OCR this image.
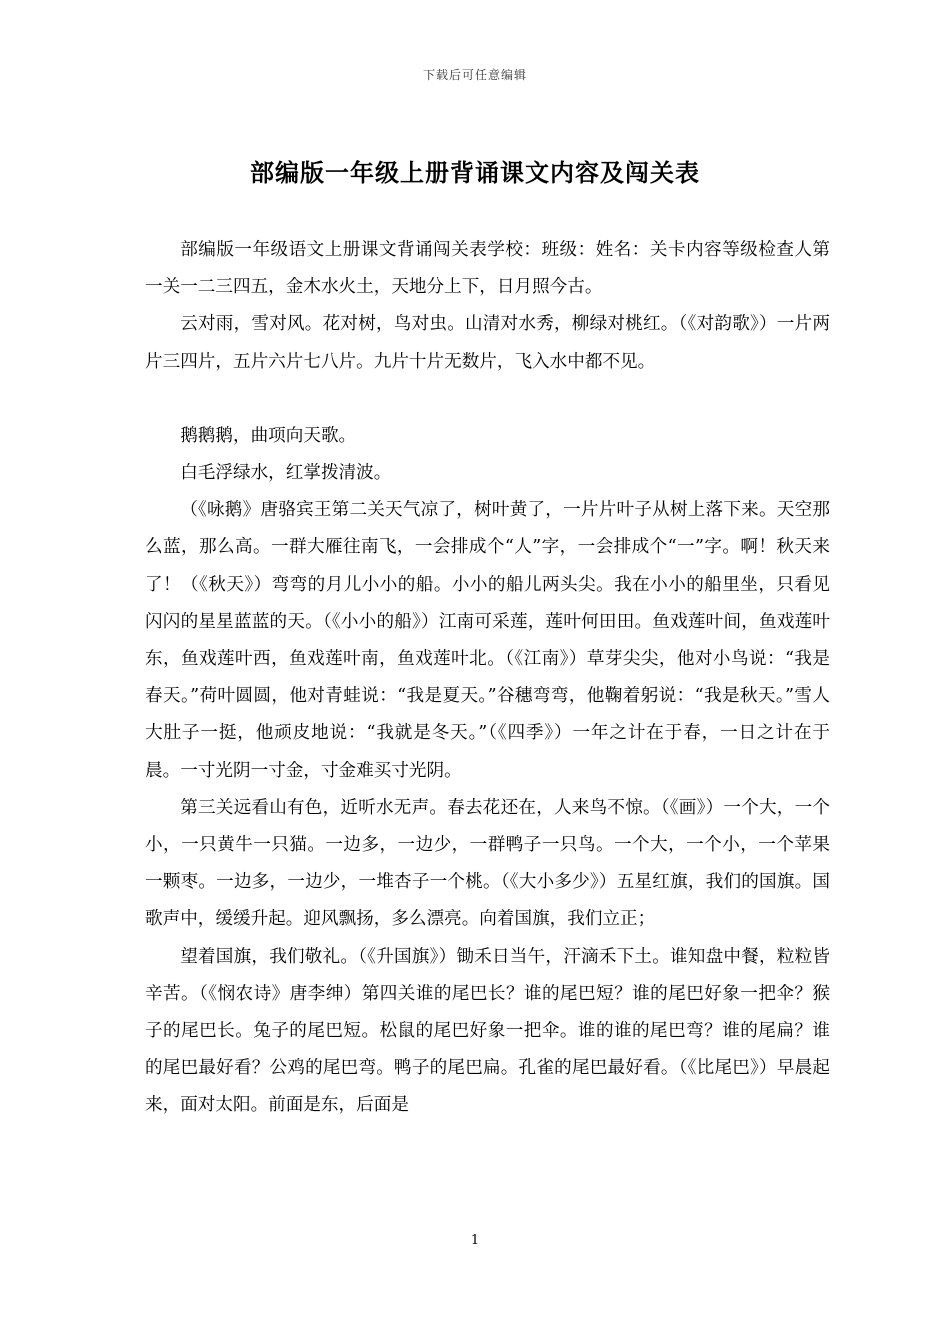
下载后可任意编辑
部编版一年级上册背诵课文内容及闯关表

部编版一年级语文上册课文背诵闯关表学校：班级：姓名：关卡内容等级检查人第一关一二三四五，金木水火土，天地分上下，日月照今古。

云对雨，雪对风。花对树，鸟对虫。山清对水秀，柳绿对桃红。（《对韵歌》）一片两片三四片，五片六片七八片。九片十片无数片，飞入水中都不见。

鹅鹅鹅，曲项向天歌。

白毛浮绿水，红掌拨清波。

（《咏鹅》唐骆宾王第二关天气凉了，树叶黄了，一片片叶子从树上落下来。天空那么蓝，那么高。一群大雁往南飞，一会排成个“人”字，一会排成个“一”字。啊！秋天来了！（《秋天》）弯弯的月儿小小的船。小小的船儿两头尖。我在小小的船里坐，只看见闪闪的星星蓝蓝的天。（《小小的船》）江南可采莲，莲叶何田田。鱼戏莲叶间，鱼戏莲叶东，鱼戏莲叶西，鱼戏莲叶南，鱼戏莲叶北。（《江南》）草芽尖尖，他对小鸟说：“我是春天。”荷叶圆圆，他对青蛙说：“我是夏天。”谷穗弯弯，他鞠着躬说：“我是秋天。”雪人大肚子一挺，他顽皮地说：“我就是冬天。”（《四季》）一年之计在于春，一日之计在于晨。一寸光阴一寸金，寸金难买寸光阴。

第三关远看山有色，近听水无声。春去花还在，人来鸟不惊。（《画》）一个大，一个小，一只黄牛一只猫。一边多，一边少，一群鸭子一只鸟。一个大，一个小，一个苹果一颗枣。一边多，一边少，一堆杏子一个桃。（《大小多少》）五星红旗，我们的国旗。国歌声中，缓缓升起。迎风飘扬，多么漂亮。向着国旗，我们立正；

望着国旗，我们敬礼。（《升国旗》）锄禾日当午，汗滴禾下土。谁知盘中餐，粒粒皆辛苦。（《悯农诗》唐李绅）第四关谁的尾巴长？谁的尾巴短？谁的尾巴好象一把伞？猴子的尾巴长。兔子的尾巴短。松鼠的尾巴好象一把伞。谁的谁的尾巴弯？谁的尾扁？谁的尾巴最好看？公鸡的尾巴弯。鸭子的尾巴扁。孔雀的尾巴最好看。（《比尾巴》）早晨起来，面对太阳。前面是东，后面是

1
